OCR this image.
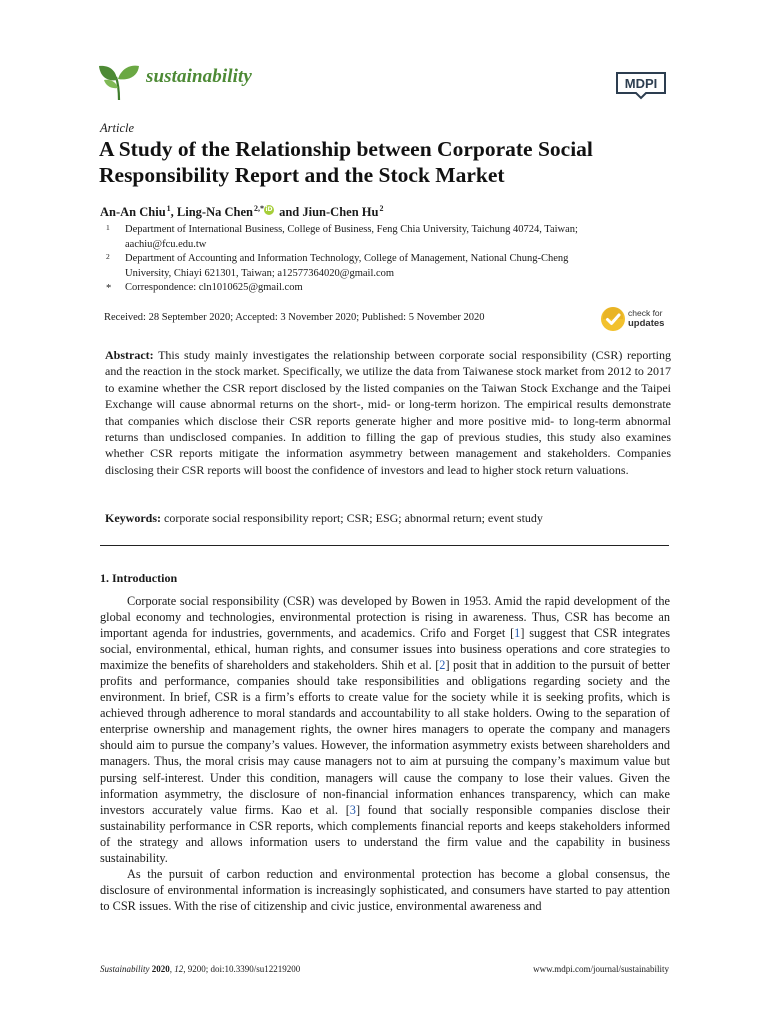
sustainability	MDPI
Article
A Study of the Relationship between Corporate Social Responsibility Report and the Stock Market
An-An Chiu$^1$, Ling-Na Chen$^{2,*}$iD and Jiun-Chen Hu$^2$
1 Department of International Business, College of Business, Feng Chia University, Taichung 40724, Taiwan;
aachiu@fcu.edu.tw
2 Department of Accounting and Information Technology, College of Management, National Chung-Cheng
University, Chiayi 621301, Taiwan; a12577364020@gmail.com
* Correspondence: cln1010625@gmail.com
Received: 28 September 2020; Accepted: 3 November 2020; Published: 5 November 2020	check for
updates

Abstract: This study mainly investigates the relationship between corporate social responsibility (CSR) reporting and the reaction in the stock market. Specifically, we utilize the data from Taiwanese stock market from 2012 to 2017 to examine whether the CSR report disclosed by the listed companies on the Taiwan Stock Exchange and the Taipei Exchange will cause abnormal returns on the short-, mid- or long-term horizon. The empirical results demonstrate that companies which disclose their CSR reports generate higher and more positive mid- to long-term abnormal returns than undisclosed companies. In addition to filling the gap of previous studies, this study also examines whether CSR reports mitigate the information asymmetry between management and stakeholders. Companies disclosing their CSR reports will boost the confidence of investors and lead to higher stock return valuations.

Keywords: corporate social responsibility report; CSR; ESG; abnormal return; event study

1. Introduction

Corporate social responsibility (CSR) was developed by Bowen in 1953. Amid the rapid development of the global economy and technologies, environmental protection is rising in awareness. Thus, CSR has become an important agenda for industries, governments, and academics. Crifo and Forget [1] suggest that CSR integrates social, environmental, ethical, human rights, and consumer issues into business operations and core strategies to maximize the benefits of shareholders and stakeholders. Shih et al. [2] posit that in addition to the pursuit of better profits and performance, companies should take responsibilities and obligations regarding society and the environment. In brief, CSR is a firm’s efforts to create value for the society while it is seeking profits, which is achieved through adherence to moral standards and accountability to all stake holders. Owing to the separation of enterprise ownership and management rights, the owner hires managers to operate the company and managers should aim to pursue the company’s values. However, the information asymmetry exists between shareholders and managers. Thus, the moral crisis may cause managers not to aim at pursuing the company’s maximum value but pursing self-interest. Under this condition, managers will cause the company to lose their values. Given the information asymmetry, the disclosure of non-financial information enhances transparency, which can make investors accurately value firms. Kao et al. [3] found that socially responsible companies disclose their sustainability performance in CSR reports, which complements financial reports and keeps stakeholders informed of the strategy and allows information users to understand the firm value and the capability in business sustainability.

As the pursuit of carbon reduction and environmental protection has become a global consensus, the disclosure of environmental information is increasingly sophisticated, and consumers have started to pay attention to CSR issues. With the rise of citizenship and civic justice, environmental awareness and

Sustainability 2020, 12, 9200; doi:10.3390/su12219200	www.mdpi.com/journal/sustainability
